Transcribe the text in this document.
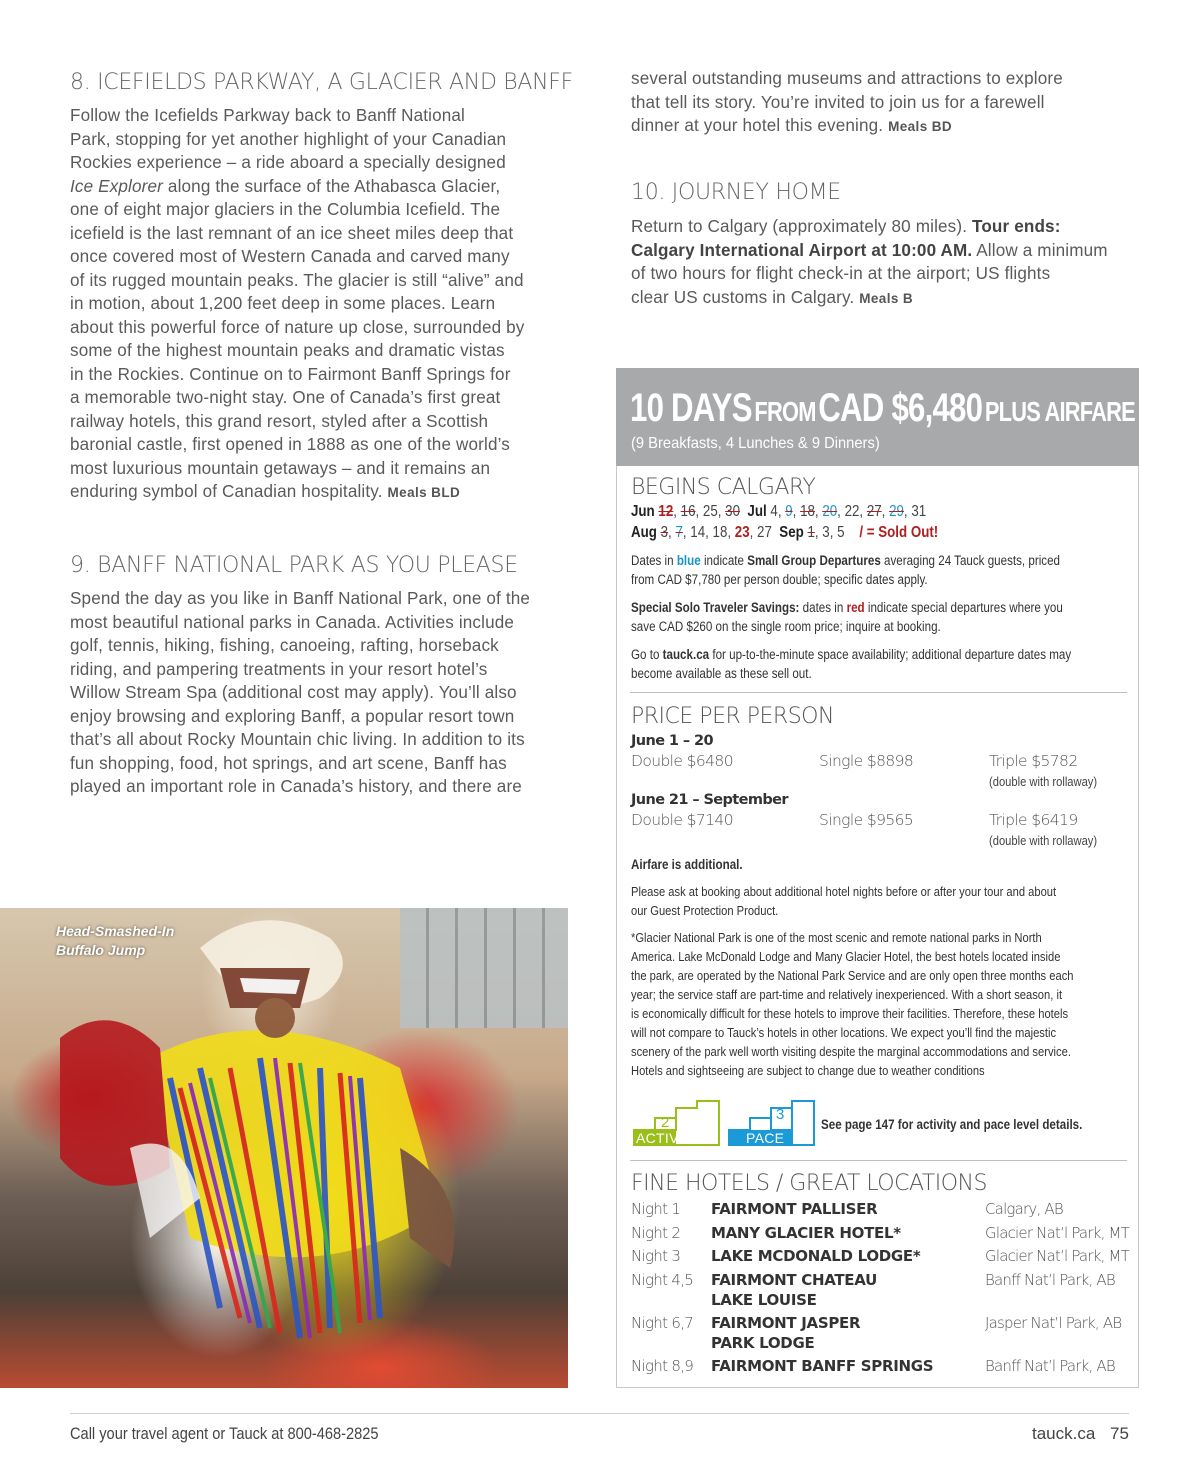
8. ICEFIELDS PARKWAY, A GLACIER AND BANFF

Follow the Icefields Parkway back to Banff National

Park, stopping for yet another highlight of your Canadian

Rockies experience – a ride aboard a specially designed

Ice Explorer along the surface of the Athabasca Glacier,

one of eight major glaciers in the Columbia Icefield. The

icefield is the last remnant of an ice sheet miles deep that

once covered most of Western Canada and carved many

of its rugged mountain peaks. The glacier is still “alive” and

in motion, about 1,200 feet deep in some places. Learn

about this powerful force of nature up close, surrounded by

some of the highest mountain peaks and dramatic vistas

in the Rockies. Continue on to Fairmont Banff Springs for

a memorable two-night stay. One of Canada’s first great

railway hotels, this grand resort, styled after a Scottish

baronial castle, first opened in 1888 as one of the world’s

most luxurious mountain getaways – and it remains an

enduring symbol of Canadian hospitality. Meals BLD

9. BANFF NATIONAL PARK AS YOU PLEASE

Spend the day as you like in Banff National Park, one of the

most beautiful national parks in Canada. Activities include

golf, tennis, hiking, fishing, canoeing, rafting, horseback

riding, and pampering treatments in your resort hotel’s

Willow Stream Spa (additional cost may apply). You’ll also

enjoy browsing and exploring Banff, a popular resort town

that’s all about Rocky Mountain chic living. In addition to its

fun shopping, food, hot springs, and art scene, Banff has

played an important role in Canada’s history, and there are

Head-Smashed-In
Buffalo Jump

several outstanding museums and attractions to explore

that tell its story. You’re invited to join us for a farewell

dinner at your hotel this evening. Meals BD

10. JOURNEY HOME

Return to Calgary (approximately 80 miles). Tour ends:

Calgary International Airport at 10:00 AM. Allow a minimum

of two hours for flight check-in at the airport; US flights

clear US customs in Calgary. Meals B

10 DAYS FROM CAD $6,480 PLUS AIRFARE
(9 Breakfasts, 4 Lunches & 9 Dinners)
BEGINS CALGARY
Jun 12, 16, 25, 30 Jul 4, 9, 18, 20, 22, 27, 29, 31
Aug 3, 7, 14, 18, 23, 27 Sep 1, 3, 5 / = Sold Out!
Dates in blue indicate Small Group Departures averaging 24 Tauck guests, priced
from CAD $7,780 per person double; specific dates apply.
Special Solo Traveler Savings: dates in red indicate special departures where you
save CAD $260 on the single room price; inquire at booking.
Go to tauck.ca for up-to-the-minute space availability; additional departure dates may
become available as these sell out.
PRICE PER PERSON
June 1 – 20
Double $6480	Single $8898	Triple $5782
(double with rollaway)
June 21 – September
Double $7140	Single $9565	Triple $6419
(double with rollaway)
Airfare is additional.
Please ask at booking about additional hotel nights before or after your tour and about
our Guest Protection Product.
*Glacier National Park is one of the most scenic and remote national parks in North
America. Lake McDonald Lodge and Many Glacier Hotel, the best hotels located inside
the park, are operated by the National Park Service and are only open three months each
year; the service staff are part-time and relatively inexperienced. With a short season, it
is economically difficult for these hotels to improve their facilities. Therefore, these hotels
will not compare to Tauck’s hotels in other locations. We expect you’ll find the majestic
scenery of the park well worth visiting despite the marginal accommodations and service.
Hotels and sightseeing are subject to change due to weather conditions
2
ACTIVITY
3
PACE
See page 147 for activity and pace level details.
FINE HOTELS / GREAT LOCATIONS
Night 1 FAIRMONT PALLISER	Calgary, AB
Night 2 MANY GLACIER HOTEL*	Glacier Nat’l Park, MT
Night 3 LAKE MCDONALD LODGE*	Glacier Nat’l Park, MT
Night 4,5 FAIRMONT CHATEAU
LAKE LOUISE
Banff Nat’l Park, AB
Night 6,7 FAIRMONT JASPER
PARK LODGE
Jasper Nat’l Park, AB
Night 8,9 FAIRMONT BANFF SPRINGS	Banff Nat’l Park, AB
Call your travel agent or Tauck at 800-468-2825	tauck.ca 75
